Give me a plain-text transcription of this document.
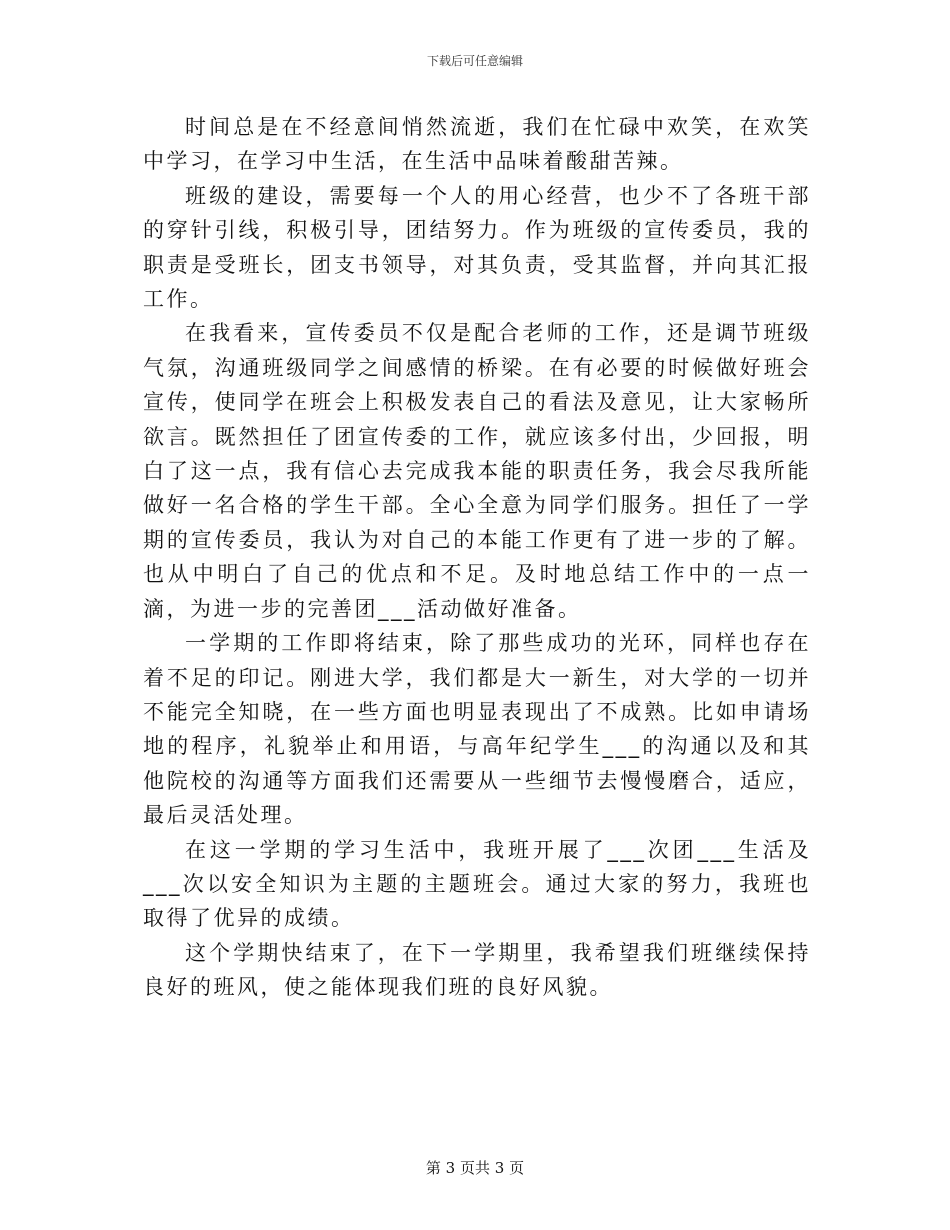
下载后可任意编辑

时间总是在不经意间悄然流逝，我们在忙碌中欢笑，在欢笑中学习，在学习中生活，在生活中品味着酸甜苦辣。

班级的建设，需要每一个人的用心经营，也少不了各班干部的穿针引线，积极引导，团结努力。作为班级的宣传委员，我的职责是受班长，团支书领导，对其负责，受其监督，并向其汇报工作。

在我看来，宣传委员不仅是配合老师的工作，还是调节班级气氛，沟通班级同学之间感情的桥梁。在有必要的时候做好班会宣传，使同学在班会上积极发表自己的看法及意见，让大家畅所欲言。既然担任了团宣传委的工作，就应该多付出，少回报，明白了这一点，我有信心去完成我本能的职责任务，我会尽我所能做好一名合格的学生干部。全心全意为同学们服务。担任了一学期的宣传委员，我认为对自己的本能工作更有了进一步的了解。也从中明白了自己的优点和不足。及时地总结工作中的一点一滴，为进一步的完善团___活动做好准备。

一学期的工作即将结束，除了那些成功的光环，同样也存在着不足的印记。刚进大学，我们都是大一新生，对大学的一切并不能完全知晓，在一些方面也明显表现出了不成熟。比如申请场地的程序，礼貌举止和用语，与高年纪学生___的沟通以及和其他院校的沟通等方面我们还需要从一些细节去慢慢磨合，适应，最后灵活处理。

在这一学期的学习生活中，我班开展了___次团___生活及___次以安全知识为主题的主题班会。通过大家的努力，我班也取得了优异的成绩。

这个学期快结束了，在下一学期里，我希望我们班继续保持良好的班风，使之能体现我们班的良好风貌。

第 3 页共 3 页
